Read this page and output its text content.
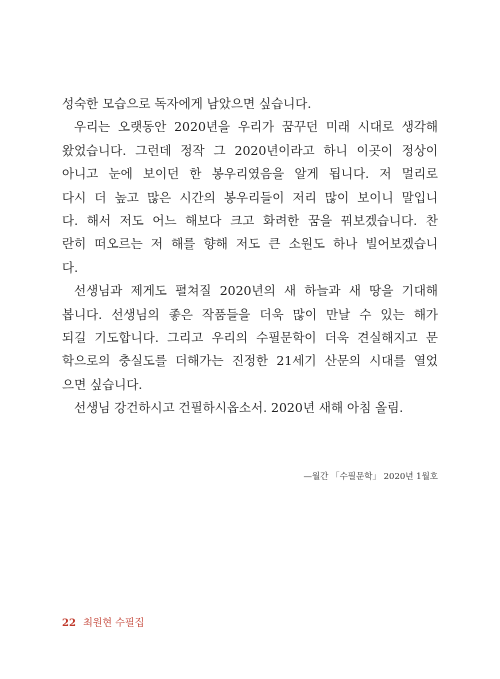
성숙한 모습으로 독자에게 남았으면 싶습니다.
우리는 오랫동안 2020년을 우리가 꿈꾸던 미래 시대로 생각해
왔었습니다. 그런데 정작 그 2020년이라고 하니 이곳이 정상이
아니고 눈에 보이던 한 봉우리였음을 알게 됩니다. 저 멀리로
다시 더 높고 많은 시간의 봉우리들이 저리 많이 보이니 말입니
다. 해서 저도 어느 해보다 크고 화려한 꿈을 꿔보겠습니다. 찬
란히 떠오르는 저 해를 향해 저도 큰 소원도 하나 빌어보겠습니
다.
선생님과 제게도 펼쳐질 2020년의 새 하늘과 새 땅을 기대해
봅니다. 선생님의 좋은 작품들을 더욱 많이 만날 수 있는 해가
되길 기도합니다. 그리고 우리의 수필문학이 더욱 견실해지고 문
학으로의 충실도를 더해가는 진정한 21세기 산문의 시대를 열었
으면 싶습니다.
선생님 강건하시고 건필하시옵소서. 2020년 새해 아침 올림.
—월간 「수필문학」 2020년 1월호
22 최원현 수필집
